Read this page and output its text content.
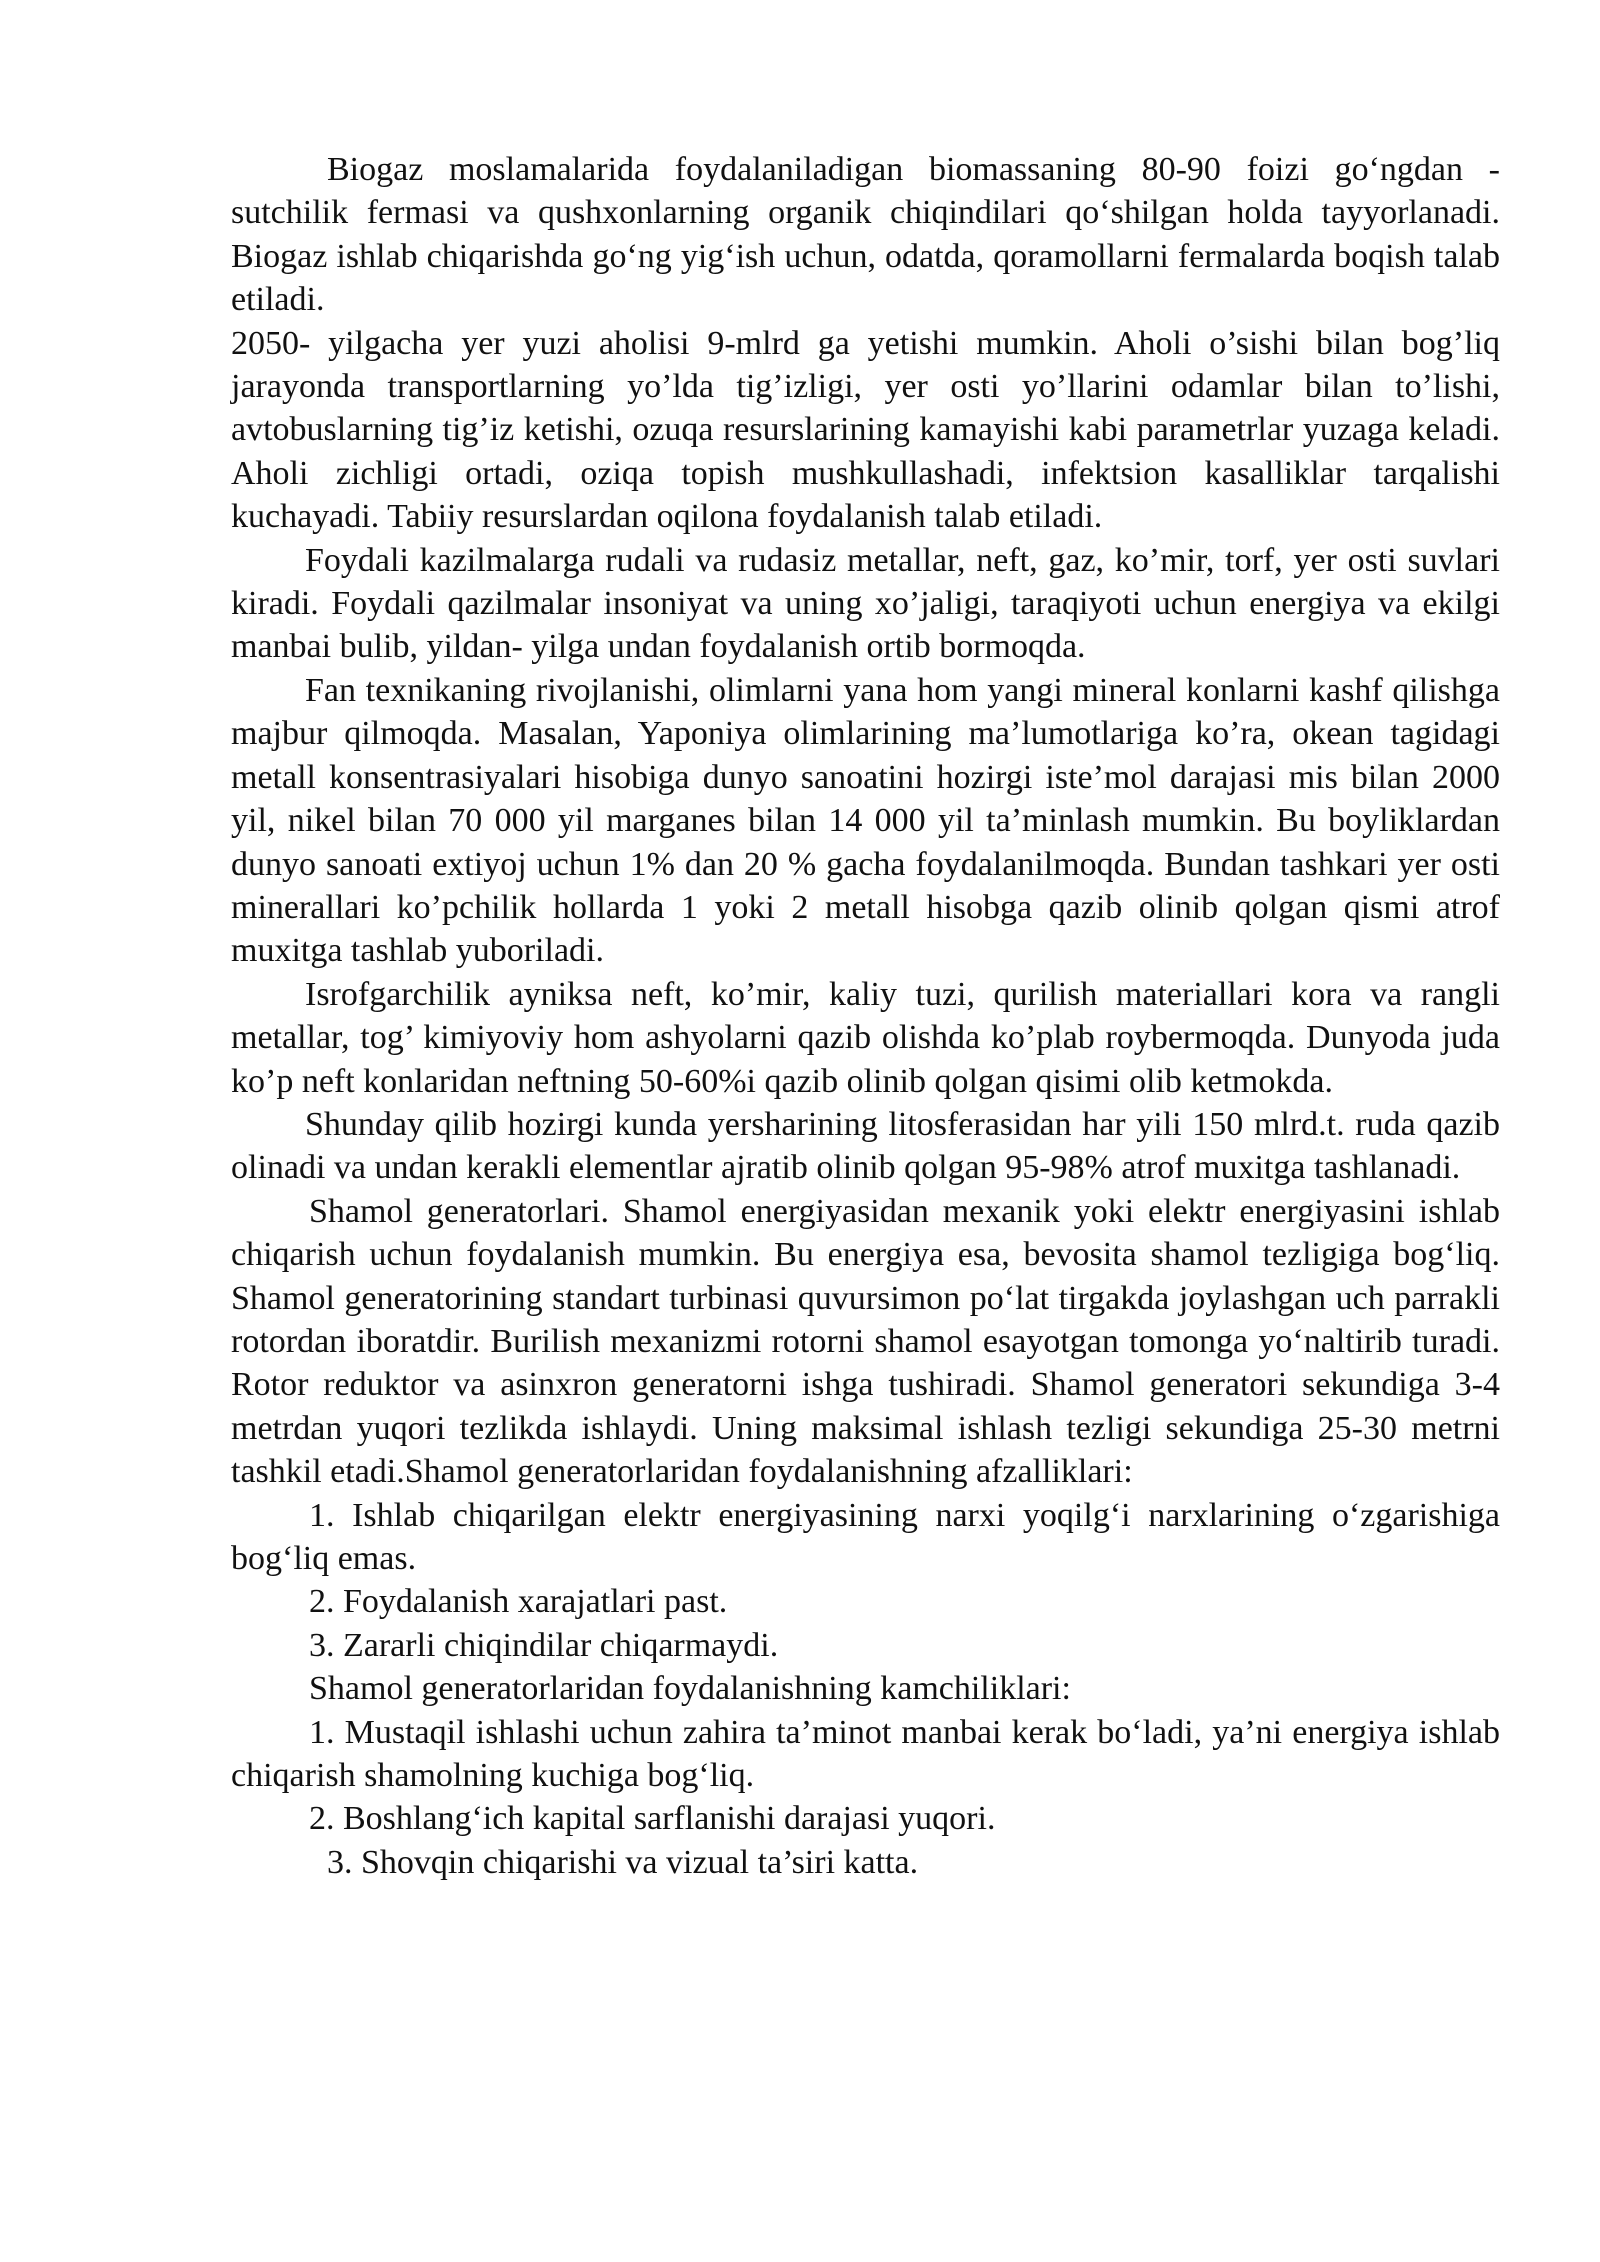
Biogaz moslamalarida foydalaniladigan biomassaning 80-90 foizi go‘ngdan - sutchilik fermasi va qushxonlarning organik chiqindilari qo‘shilgan holda tayyorlanadi. Biogaz ishlab chiqarishda go‘ng yig‘ish uchun, odatda, qoramollarni fermalarda boqish talab etiladi.

2050- yilgacha yer yuzi aholisi 9-mlrd ga yetishi mumkin. Aholi o’sishi bilan bog’liq jarayonda transportlarning yo’lda tig’izligi, yer osti yo’llarini odamlar bilan to’lishi, avtobuslarning tig’iz ketishi, ozuqa resurslarining kamayishi kabi parametrlar yuzaga keladi. Aholi zichligi ortadi, oziqa topish mushkullashadi, infektsion kasalliklar tarqalishi kuchayadi. Tabiiy resurslardan oqilona foydalanish talab etiladi.

Foydali kazilmalarga rudali va rudasiz metallar, neft, gaz, ko’mir, torf, yer osti suvlari kiradi. Foydali qazilmalar insoniyat va uning xo’jaligi, taraqiyoti uchun energiya va ekilgi manbai bulib, yildan- yilga undan foydalanish ortib bormoqda.

Fan texnikaning rivojlanishi, olimlarni yana hom yangi mineral konlarni kashf qilishga majbur qilmoqda. Masalan, Yaponiya olimlarining ma’lumotlariga ko’ra, okean tagidagi metall konsentrasiyalari hisobiga dunyo sanoatini hozirgi iste’mol darajasi mis bilan 2000 yil, nikel bilan 70 000 yil marganes bilan 14 000 yil ta’minlash mumkin. Bu boyliklardan dunyo sanoati extiyoj uchun 1% dan 20 % gacha foydalanilmoqda. Bundan tashkari yer osti minerallari ko’pchilik hollarda 1 yoki 2 metall hisobga qazib olinib qolgan qismi atrof muxitga tashlab yuboriladi.

Isrofgarchilik ayniksa neft, ko’mir, kaliy tuzi, qurilish materiallari kora va rangli metallar, tog’ kimiyoviy hom ashyolarni qazib olishda ko’plab roybermoqda. Dunyoda juda ko’p neft konlaridan neftning 50-60%i qazib olinib qolgan qisimi olib ketmokda.

Shunday qilib hozirgi kunda yersharining litosferasidan har yili 150 mlrd.t. ruda qazib olinadi va undan kerakli elementlar ajratib olinib qolgan 95-98% atrof muxitga tashlanadi.

Shamol generatorlari. Shamol energiyasidan mexanik yoki elektr energiyasini ishlab chiqarish uchun foydalanish mumkin. Bu energiya esa, bevosita shamol tezligiga bog‘liq. Shamol generatorining standart turbinasi quvursimon po‘lat tirgakda joylashgan uch parrakli rotordan iboratdir. Burilish mexanizmi rotorni shamol esayotgan tomonga yo‘naltirib turadi. Rotor reduktor va asinxron generatorni ishga tushiradi. Shamol generatori sekundiga 3-4 metrdan yuqori tezlikda ishlaydi. Uning maksimal ishlash tezligi sekundiga 25-30 metrni tashkil etadi.Shamol generatorlaridan foydalanishning afzalliklari:

1. Ishlab chiqarilgan elektr energiyasining narxi yoqilg‘i narxlarining o‘zgarishiga bog‘liq emas.

2. Foydalanish xarajatlari past.

3. Zararli chiqindilar chiqarmaydi.

Shamol generatorlaridan foydalanishning kamchiliklari:

1. Mustaqil ishlashi uchun zahira ta’minot manbai kerak bo‘ladi, ya’ni energiya ishlab chiqarish shamolning kuchiga bog‘liq.

2. Boshlang‘ich kapital sarflanishi darajasi yuqori.

3. Shovqin chiqarishi va vizual ta’siri katta.
